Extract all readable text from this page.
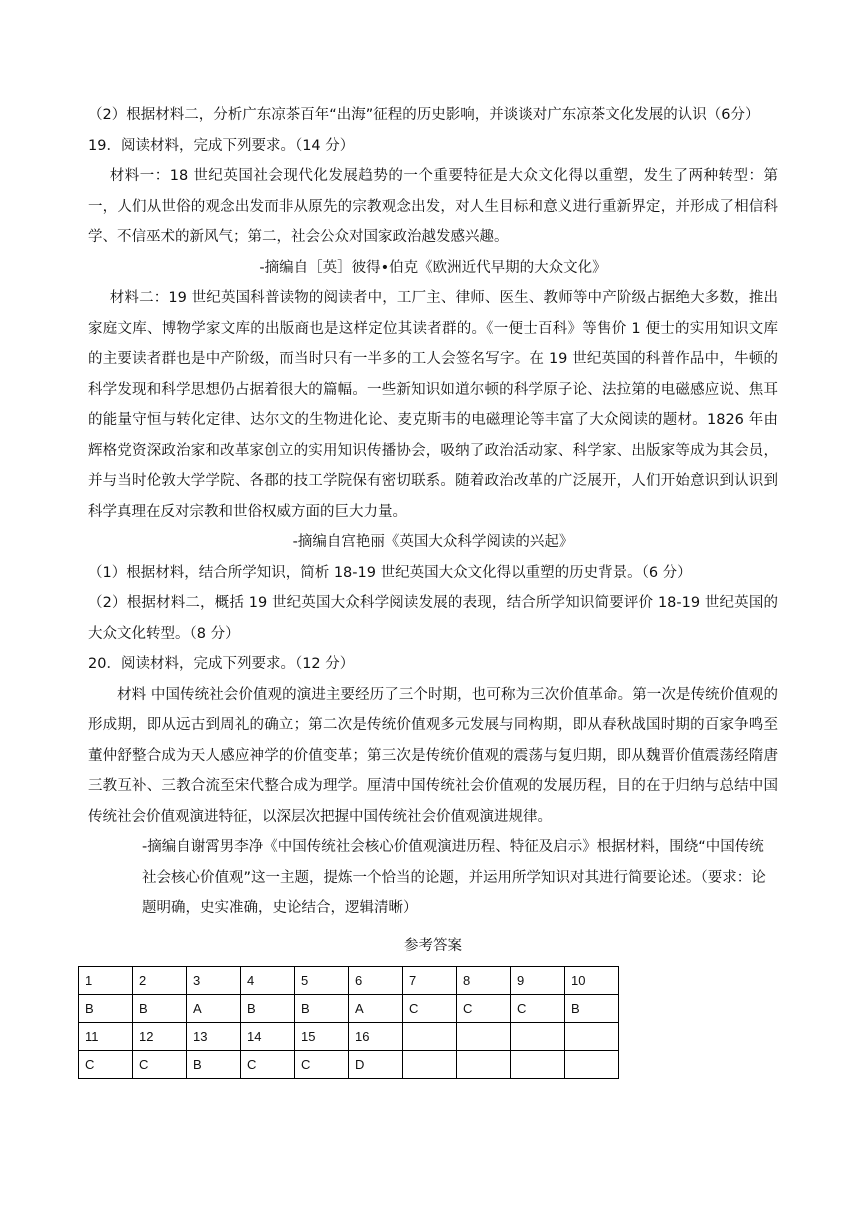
（2）根据材料二，分析广东凉茶百年“出海”征程的历史影响，并谈谈对广东凉茶文化发展的认识（6分）

19．阅读材料，完成下列要求。（14 分）

材料一：18 世纪英国社会现代化发展趋势的一个重要特征是大众文化得以重塑，发生了两种转型：第一，人们从世俗的观念出发而非从原先的宗教观念出发，对人生目标和意义进行重新界定，并形成了相信科学、不信巫术的新风气；第二，社会公众对国家政治越发感兴趣。

-摘编自［英］彼得•伯克《欧洲近代早期的大众文化》

材料二：19 世纪英国科普读物的阅读者中，工厂主、律师、医生、教师等中产阶级占据绝大多数，推出家庭文库、博物学家文库的出版商也是这样定位其读者群的。《一便士百科》等售价 1 便士的实用知识文库的主要读者群也是中产阶级，而当时只有一半多的工人会签名写字。在 19 世纪英国的科普作品中，牛顿的科学发现和科学思想仍占据着很大的篇幅。一些新知识如道尔顿的科学原子论、法拉第的电磁感应说、焦耳的能量守恒与转化定律、达尔文的生物进化论、麦克斯韦的电磁理论等丰富了大众阅读的题材。1826 年由辉格党资深政治家和改革家创立的实用知识传播协会，吸纳了政治活动家、科学家、出版家等成为其会员，并与当时伦敦大学学院、各郡的技工学院保有密切联系。随着政治改革的广泛展开，人们开始意识到认识到科学真理在反对宗教和世俗权威方面的巨大力量。

-摘编自宫艳丽《英国大众科学阅读的兴起》

（1）根据材料，结合所学知识，简析 18-19 世纪英国大众文化得以重塑的历史背景。（6 分）

（2）根据材料二，概括 19 世纪英国大众科学阅读发展的表现，结合所学知识简要评价 18-19 世纪英国的大众文化转型。（8 分）

20．阅读材料，完成下列要求。（12 分）

材料 中国传统社会价值观的演进主要经历了三个时期，也可称为三次价值革命。第一次是传统价值观的形成期，即从远古到周礼的确立；第二次是传统价值观多元发展与同构期，即从春秋战国时期的百家争鸣至董仲舒整合成为天人感应神学的价值变革；第三次是传统价值观的震荡与复归期，即从魏晋价值震荡经隋唐三教互补、三教合流至宋代整合成为理学。厘清中国传统社会价值观的发展历程，目的在于归纳与总结中国传统社会价值观演进特征，以深层次把握中国传统社会价值观演进规律。

-摘编自谢霄男李净《中国传统社会核心价值观演进历程、特征及启示》根据材料，围绕“中国传统社会核心价值观”这一主题，提炼一个恰当的论题，并运用所学知识对其进行简要论述。（要求：论题明确，史实准确，史论结合，逻辑清晰）

参考答案

1	2	3	4	5	6	7	8	9	10
B	B	A	B	B	A	C	C	C	B
11	12	13	14	15	16				
C	C	B	C	C	D				
